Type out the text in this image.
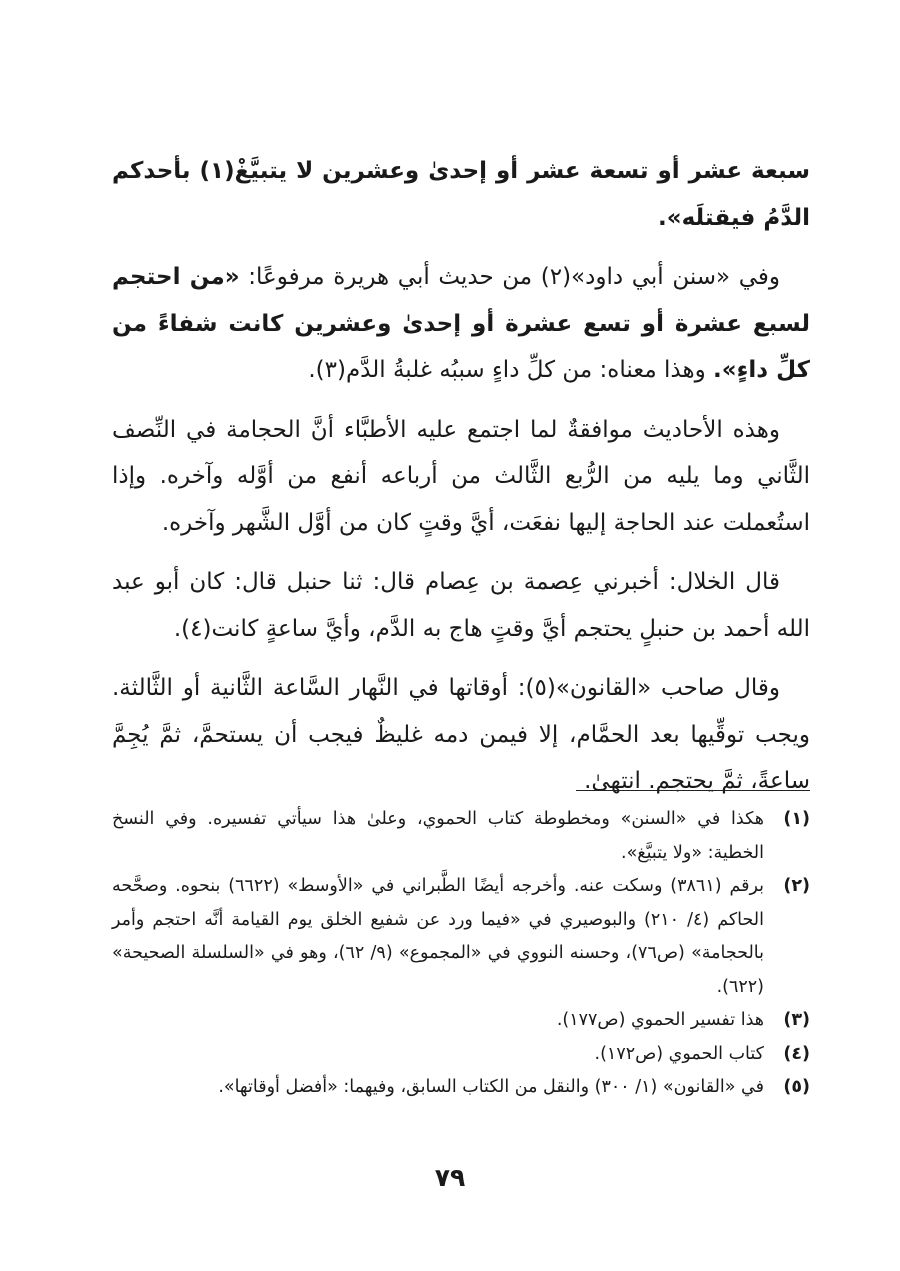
سبعة عشر أو تسعة عشر أو إحدىٰ وعشرين لا يتبيَّغْ(١) بأحدكم الدَّمُ فيقتلَه».

وفي «سنن أبي داود»(٢) من حديث أبي هريرة مرفوعًا: «من احتجم لسبع عشرة أو تسع عشرة أو إحدىٰ وعشرين كانت شفاءً من كلِّ داءٍ». وهذا معناه: من كلِّ داءٍ سببُه غلبةُ الدَّم(٣).

وهذه الأحاديث موافقةٌ لما اجتمع عليه الأطبَّاء أنَّ الحجامة في النِّصف الثَّاني وما يليه من الرُّبع الثَّالث من أرباعه أنفع من أوَّله وآخره. وإذا استُعملت عند الحاجة إليها نفعَت، أيَّ وقتٍ كان من أوَّل الشَّهر وآخره.

قال الخلال: أخبرني عِصمة بن عِصام قال: ثنا حنبل قال: كان أبو عبد الله أحمد بن حنبلٍ يحتجم أيَّ وقتٍ هاج به الدَّم، وأيَّ ساعةٍ كانت(٤).

وقال صاحب «القانون»(٥): أوقاتها في النَّهار السَّاعة الثَّانية أو الثَّالثة. ويجب توقِّيها بعد الحمَّام، إلا فيمن دمه غليظٌ فيجب أن يستحمَّ، ثمَّ يُجِمَّ ساعةً، ثمَّ يحتجم. انتهىٰ.

(١)
هكذا في «السنن» ومخطوطة كتاب الحموي، وعلىٰ هذا سيأتي تفسيره. وفي النسخ الخطية: «ولا يتبيَّغ».
(٢)
برقم (٣٨٦١) وسكت عنه. وأخرجه أيضًا الطَّبراني في «الأوسط» (٦٦٢٢) بنحوه. وصحَّحه الحاكم (٤/ ٢١٠) والبوصيري في «فيما ورد عن شفيع الخلق يوم القيامة أنَّه احتجم وأمر بالحجامة» (ص٧٦)، وحسنه النووي في «المجموع» (٩/ ٦٢)، وهو في «السلسلة الصحيحة» (٦٢٢).
(٣)
هذا تفسير الحموي (ص١٧٧).
(٤)
كتاب الحموي (ص١٧٢).
(٥)
في «القانون» (١/ ٣٠٠) والنقل من الكتاب السابق، وفيهما: «أفضل أوقاتها».
٧٩
